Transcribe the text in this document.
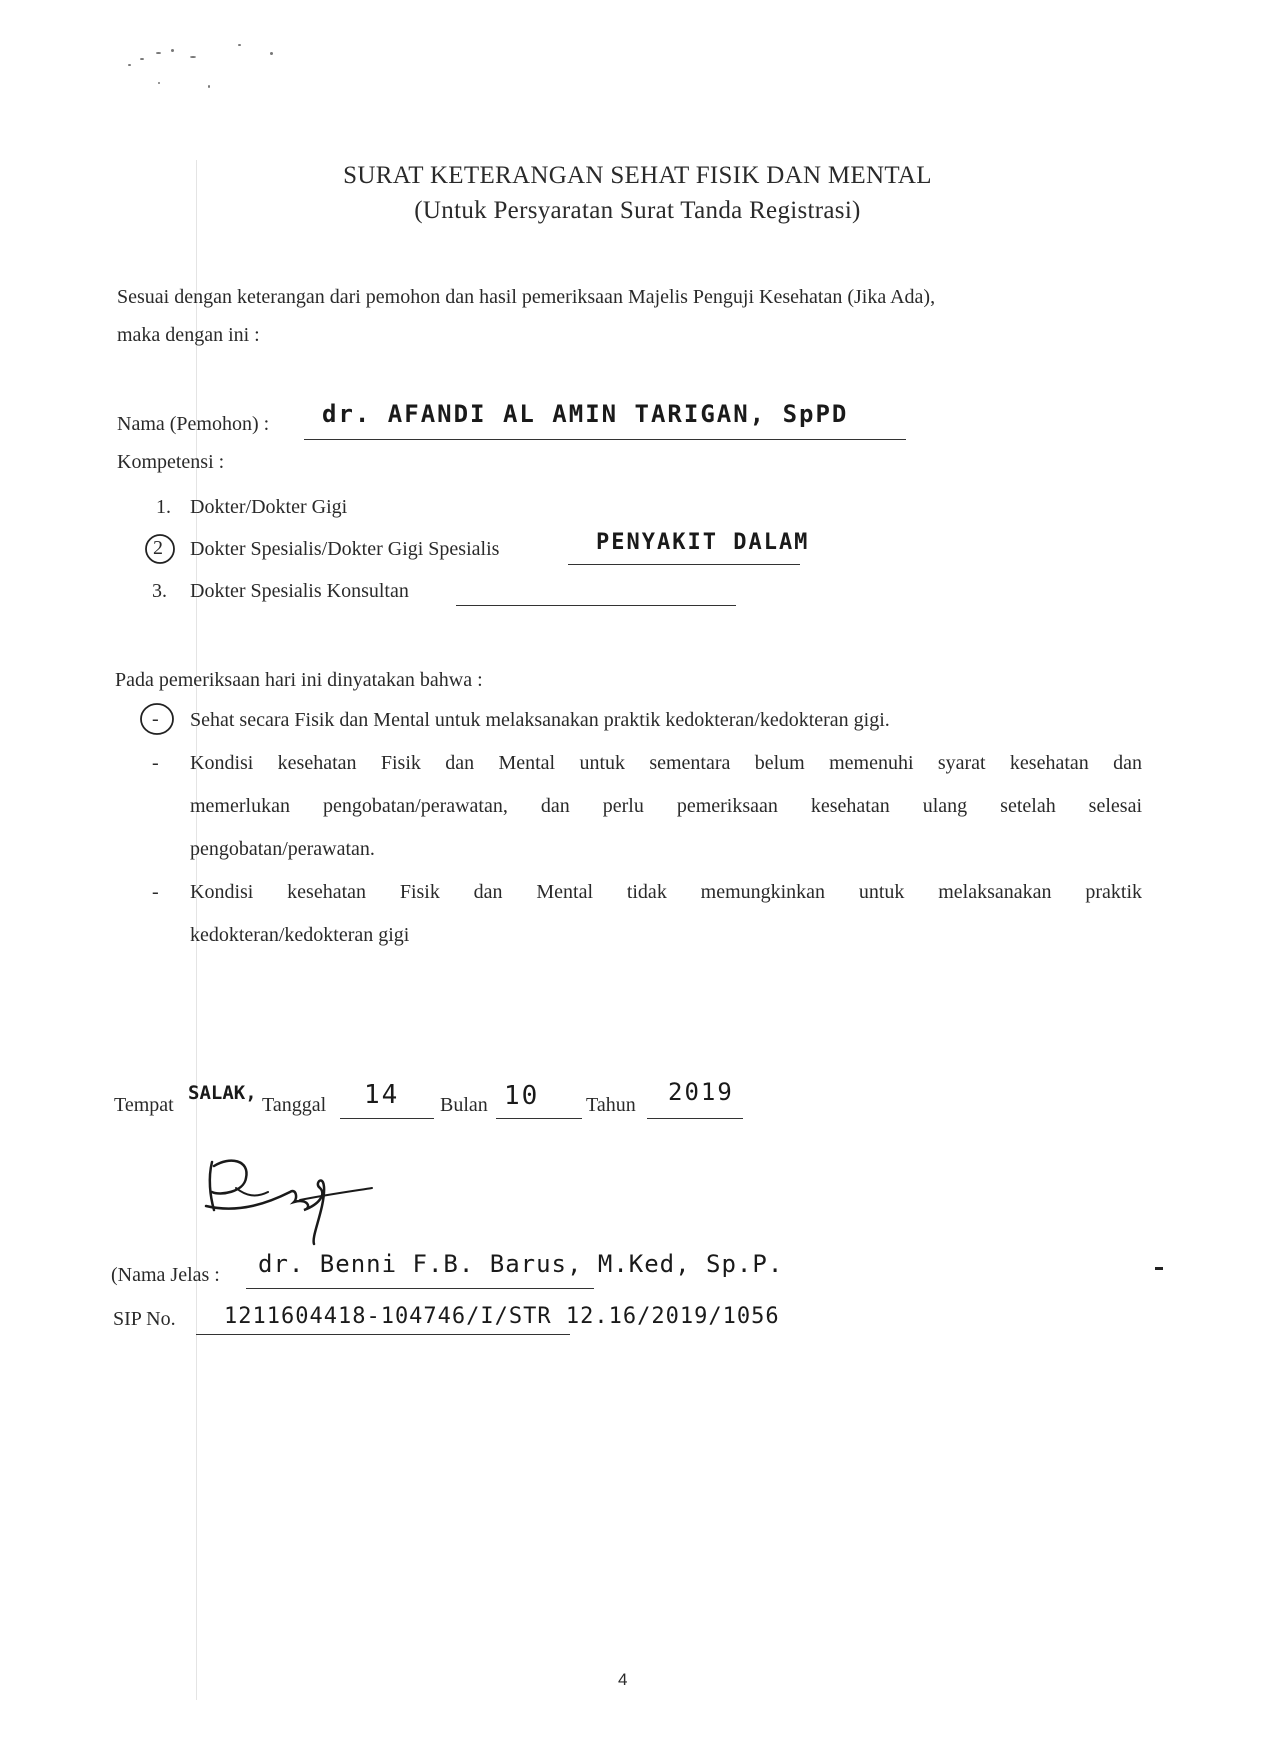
SURAT KETERANGAN SEHAT FISIK DAN MENTAL
(Untuk Persyaratan Surat Tanda Registrasi)
Sesuai dengan keterangan dari pemohon dan hasil pemeriksaan Majelis Penguji Kesehatan (Jika Ada),
maka dengan ini :
Nama (Pemohon) : dr. AFANDI AL AMIN TARIGAN, SpPD
Kompetensi :
1. Dokter/Dokter Gigi
2 Dokter Spesialis/Dokter Gigi Spesialis	PENYAKIT DALAM
3. Dokter Spesialis Konsultan
Pada pemeriksaan hari ini dinyatakan bahwa :
- Sehat secara Fisik dan Mental untuk melaksanakan praktik kedokteran/kedokteran gigi.
- Kondisi kesehatan Fisik dan Mental untuk sementara belum memenuhi syarat kesehatan dan
memerlukan pengobatan/perawatan, dan perlu pemeriksaan kesehatan ulang setelah selesai
pengobatan/perawatan.
- Kondisi kesehatan Fisik dan Mental tidak memungkinkan untuk melaksanakan praktik
kedokteran/kedokteran gigi
Tempat
SALAK,
Tanggal 14 Bulan 10 Tahun 2019
(Nama Jelas : dr. Benni F.B. Barus, M.Ked, Sp.P.
SIP No. 1211604418-104746/I/STR 12.16/2019/1056
4
